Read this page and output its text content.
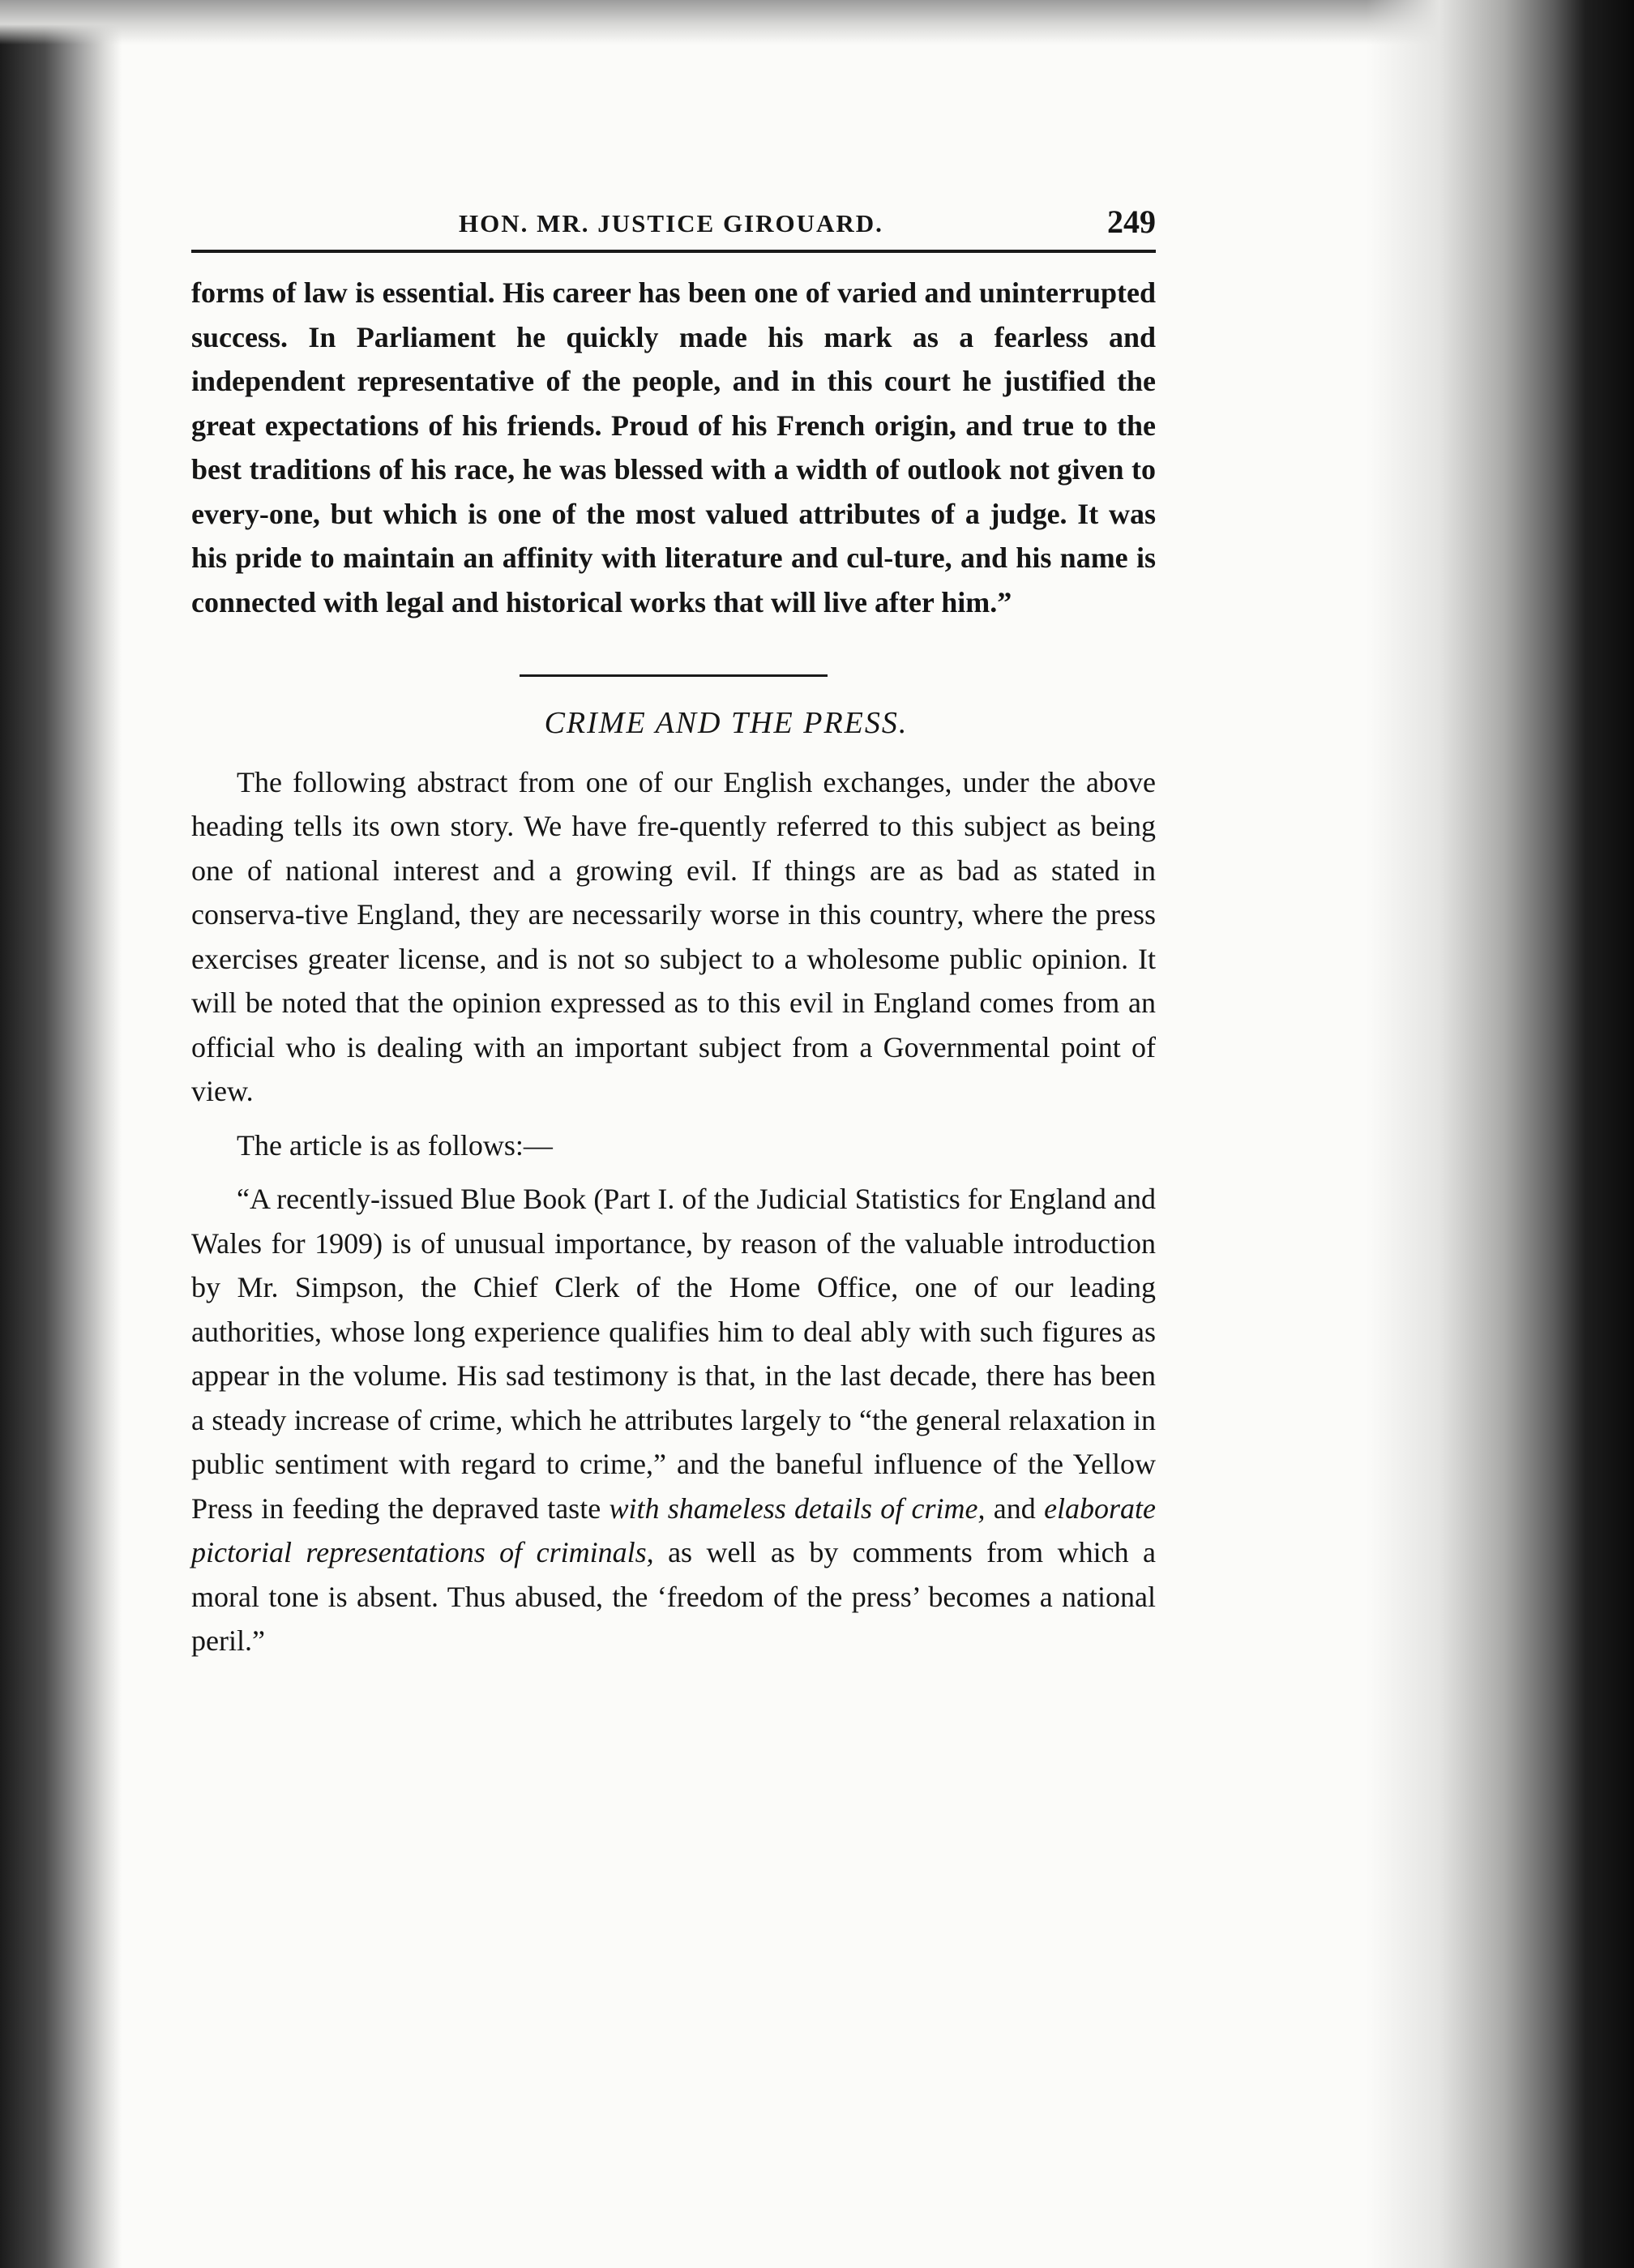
HON. MR. JUSTICE GIROUARD.	249

forms of law is essential. His career has been one of varied and uninterrupted success. In Parliament he quickly made his mark as a fearless and independent representative of the people, and in this court he justified the great expectations of his friends. Proud of his French origin, and true to the best traditions of his race, he was blessed with a width of outlook not given to every-one, but which is one of the most valued attributes of a judge. It was his pride to maintain an affinity with literature and cul-ture, and his name is connected with legal and historical works that will live after him.”

CRIME AND THE PRESS.

The following abstract from one of our English exchanges, under the above heading tells its own story. We have fre-quently referred to this subject as being one of national interest and a growing evil. If things are as bad as stated in conserva-tive England, they are necessarily worse in this country, where the press exercises greater license, and is not so subject to a wholesome public opinion. It will be noted that the opinion expressed as to this evil in England comes from an official who is dealing with an important subject from a Governmental point of view.

The article is as follows:—

“A recently-issued Blue Book (Part I. of the Judicial Statistics for England and Wales for 1909) is of unusual importance, by reason of the valuable introduction by Mr. Simpson, the Chief Clerk of the Home Office, one of our leading authorities, whose long experience qualifies him to deal ably with such figures as appear in the volume. His sad testimony is that, in the last decade, there has been a steady increase of crime, which he attributes largely to “the general relaxation in public sentiment with regard to crime,” and the baneful influence of the Yellow Press in feeding the depraved taste with shameless details of crime, and elaborate pictorial representations of criminals, as well as by comments from which a moral tone is absent. Thus abused, the ‘freedom of the press’ becomes a national peril.”
